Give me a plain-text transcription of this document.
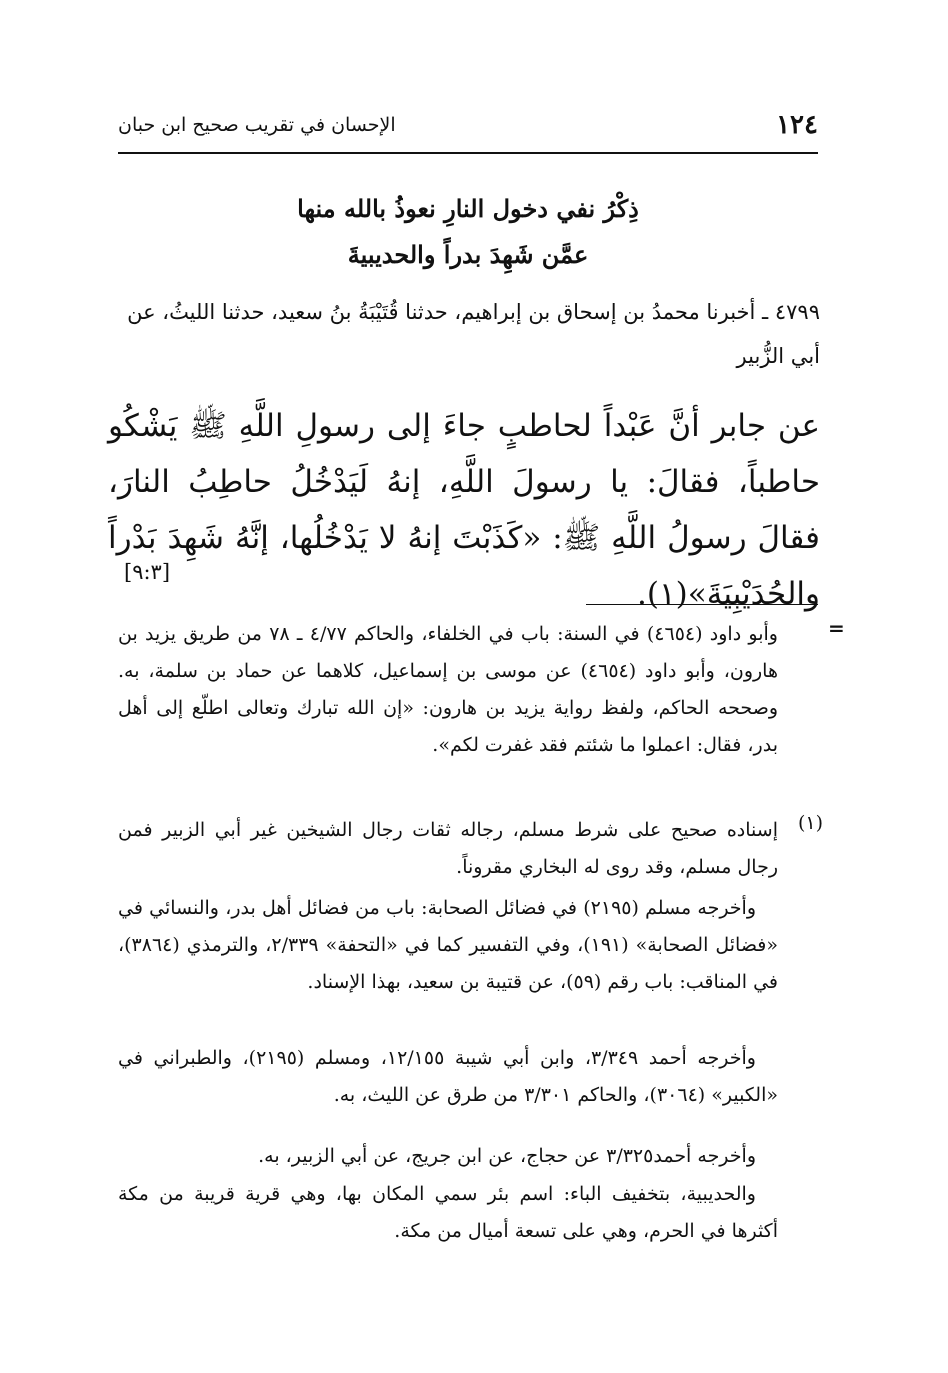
١٢٤
الإحسان في تقريب صحيح ابن حبان
ذِكْرُ نفي دخول النارِ نعوذُ بالله منها
عمَّن شَهِدَ بدراً والحديبيةَ
٤٧٩٩ ـ أخبرنا محمدُ بن إسحاق بن إبراهيم، حدثنا قُتَيْبَةُ بنُ سعيد، حدثنا الليثُ، عن أبي الزُّبير
عن جابر أنَّ عَبْداً لحاطبٍ جاءَ إلى رسولِ اللَّهِ ﷺ يَشْكُو حاطباً، فقالَ: يا رسولَ اللَّهِ، إنهُ لَيَدْخُلُ حاطِبُ النارَ، فقالَ رسولُ اللَّهِ ﷺ: «كَذَبْتَ إنهُ لا يَدْخُلُها، إنَّهُ شَهِدَ بَدْراً والحُدَيْبِيَةَ»(١).
[٩:٣]
=
وأبو داود (٤٦٥٤) في السنة: باب في الخلفاء، والحاكم ٤/٧٧ ـ ٧٨ من طريق يزيد بن هارون، وأبو داود (٤٦٥٤) عن موسى بن إسماعيل، كلاهما عن حماد بن سلمة، به. وصححه الحاكم، ولفظ رواية يزيد بن هارون: «إن الله تبارك وتعالى اطلّع إلى أهل بدر، فقال: اعملوا ما شئتم فقد غفرت لكم».
(١)
إسناده صحيح على شرط مسلم، رجاله ثقات رجال الشيخين غير أبي الزبير فمن رجال مسلم، وقد روى له البخاري مقروناً.
وأخرجه مسلم (٢١٩٥) في فضائل الصحابة: باب من فضائل أهل بدر، والنسائي في «فضائل الصحابة» (١٩١)، وفي التفسير كما في «التحفة» ٢/٣٣٩، والترمذي (٣٨٦٤)، في المناقب: باب رقم (٥٩)، عن قتيبة بن سعيد، بهذا الإسناد.
وأخرجه أحمد ٣/٣٤٩، وابن أبي شيبة ١٢/١٥٥، ومسلم (٢١٩٥)، والطبراني في «الكبير» (٣٠٦٤)، والحاكم ٣/٣٠١ من طرق عن الليث، به.
وأخرجه أحمد٣/٣٢٥ عن حجاج، عن ابن جريج، عن أبي الزبير، به.
والحديبية، بتخفيف الباء: اسم بئر سمي المكان بها، وهي قرية قريبة من مكة أكثرها في الحرم، وهي على تسعة أميال من مكة.
